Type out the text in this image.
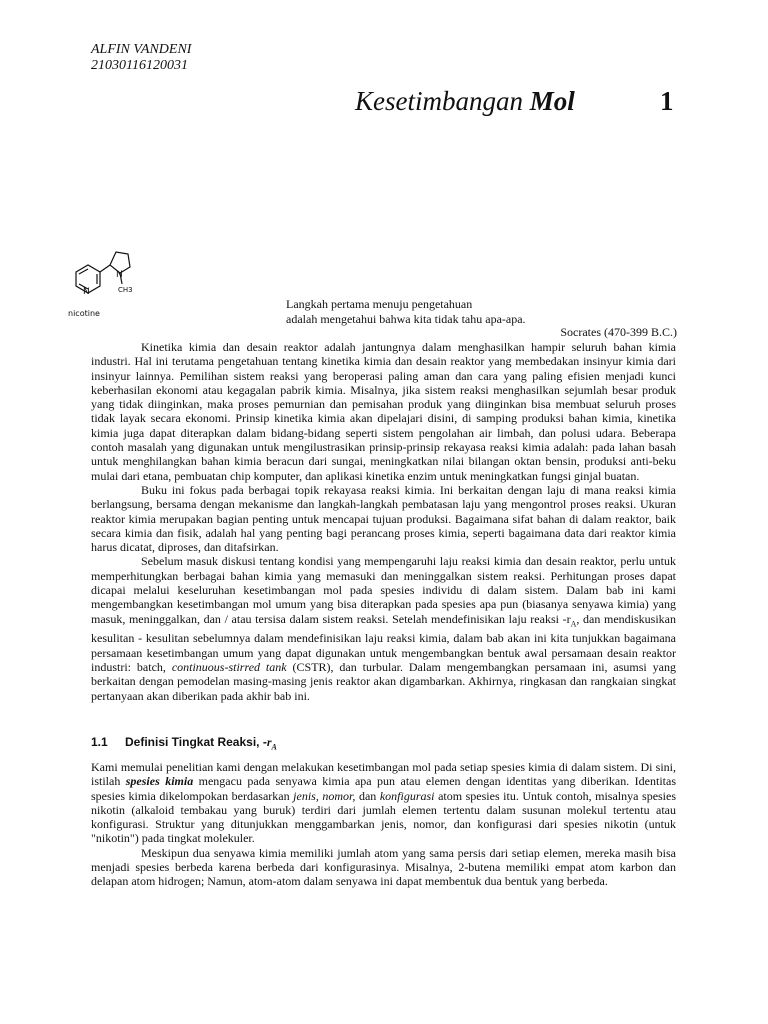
ALFIN VANDENI
21030116120031
Kesetimbangan Mol	1
N
N
CH3
nicotine
Langkah pertama menuju pengetahuan
adalah mengetahui bahwa kita tidak tahu apa-apa.
Socrates (470-399 B.C.)

Kinetika kimia dan desain reaktor adalah jantungnya dalam menghasilkan hampir seluruh bahan kimia industri. Hal ini terutama pengetahuan tentang kinetika kimia dan desain reaktor yang membedakan insinyur kimia dari insinyur lainnya. Pemilihan sistem reaksi yang beroperasi paling aman dan cara yang paling efisien menjadi kunci keberhasilan ekonomi atau kegagalan pabrik kimia. Misalnya, jika sistem reaksi menghasilkan sejumlah besar produk yang tidak diinginkan, maka proses pemurnian dan pemisahan produk yang diinginkan bisa membuat seluruh proses tidak layak secara ekonomi. Prinsip kinetika kimia akan dipelajari disini, di samping produksi bahan kimia, kinetika kimia juga dapat diterapkan dalam bidang-bidang seperti sistem pengolahan air limbah, dan polusi udara. Beberapa contoh masalah yang digunakan untuk mengilustrasikan prinsip-prinsip rekayasa reaksi kimia adalah: pada lahan basah untuk menghilangkan bahan kimia beracun dari sungai, meningkatkan nilai bilangan oktan bensin, produksi anti-beku mulai dari etana, pembuatan chip komputer, dan aplikasi kinetika enzim untuk meningkatkan fungsi ginjal buatan.

Buku ini fokus pada berbagai topik rekayasa reaksi kimia. Ini berkaitan dengan laju di mana reaksi kimia berlangsung, bersama dengan mekanisme dan langkah-langkah pembatasan laju yang mengontrol proses reaksi. Ukuran reaktor kimia merupakan bagian penting untuk mencapai tujuan produksi. Bagaimana sifat bahan di dalam reaktor, baik secara kimia dan fisik, adalah hal yang penting bagi perancang proses kimia, seperti bagaimana data dari reaktor kimia harus dicatat, diproses, dan ditafsirkan.

Sebelum masuk diskusi tentang kondisi yang mempengaruhi laju reaksi kimia dan desain reaktor, perlu untuk memperhitungkan berbagai bahan kimia yang memasuki dan meninggalkan sistem reaksi. Perhitungan proses dapat dicapai melalui keseluruhan kesetimbangan mol pada spesies individu di dalam sistem. Dalam bab ini kami mengembangkan kesetimbangan mol umum yang bisa diterapkan pada spesies apa pun (biasanya senyawa kimia) yang masuk, meninggalkan, dan / atau tersisa dalam sistem reaksi. Setelah mendefinisikan laju reaksi $-r_A$, dan mendiskusikan kesulitan - kesulitan sebelumnya dalam mendefinisikan laju reaksi kimia, dalam bab akan ini kita tunjukkan bagaimana persamaan kesetimbangan umum yang dapat digunakan untuk mengembangkan bentuk awal persamaan desain reaktor industri: batch, continuous-stirred tank (CSTR), dan turbular. Dalam mengembangkan persamaan ini, asumsi yang berkaitan dengan pemodelan masing-masing jenis reaktor akan digambarkan. Akhirnya, ringkasan dan rangkaian singkat pertanyaan akan diberikan pada akhir bab ini.

1.1 Definisi Tingkat Reaksi, $-r_A$

Kami memulai penelitian kami dengan melakukan kesetimbangan mol pada setiap spesies kimia di dalam sistem. Di sini, istilah spesies kimia mengacu pada senyawa kimia apa pun atau elemen dengan identitas yang diberikan. Identitas spesies kimia dikelompokan berdasarkan jenis, nomor, dan konfigurasi atom spesies itu. Untuk contoh, misalnya spesies nikotin (alkaloid tembakau yang buruk) terdiri dari jumlah elemen tertentu dalam susunan molekul tertentu atau konfigurasi. Struktur yang ditunjukkan menggambarkan jenis, nomor, dan konfigurasi dari spesies nikotin (untuk "nikotin") pada tingkat molekuler.

Meskipun dua senyawa kimia memiliki jumlah atom yang sama persis dari setiap elemen, mereka masih bisa menjadi spesies berbeda karena berbeda dari konfigurasinya. Misalnya, 2-butena memiliki empat atom karbon dan delapan atom hidrogen; Namun, atom-atom dalam senyawa ini dapat membentuk dua bentuk yang berbeda.
